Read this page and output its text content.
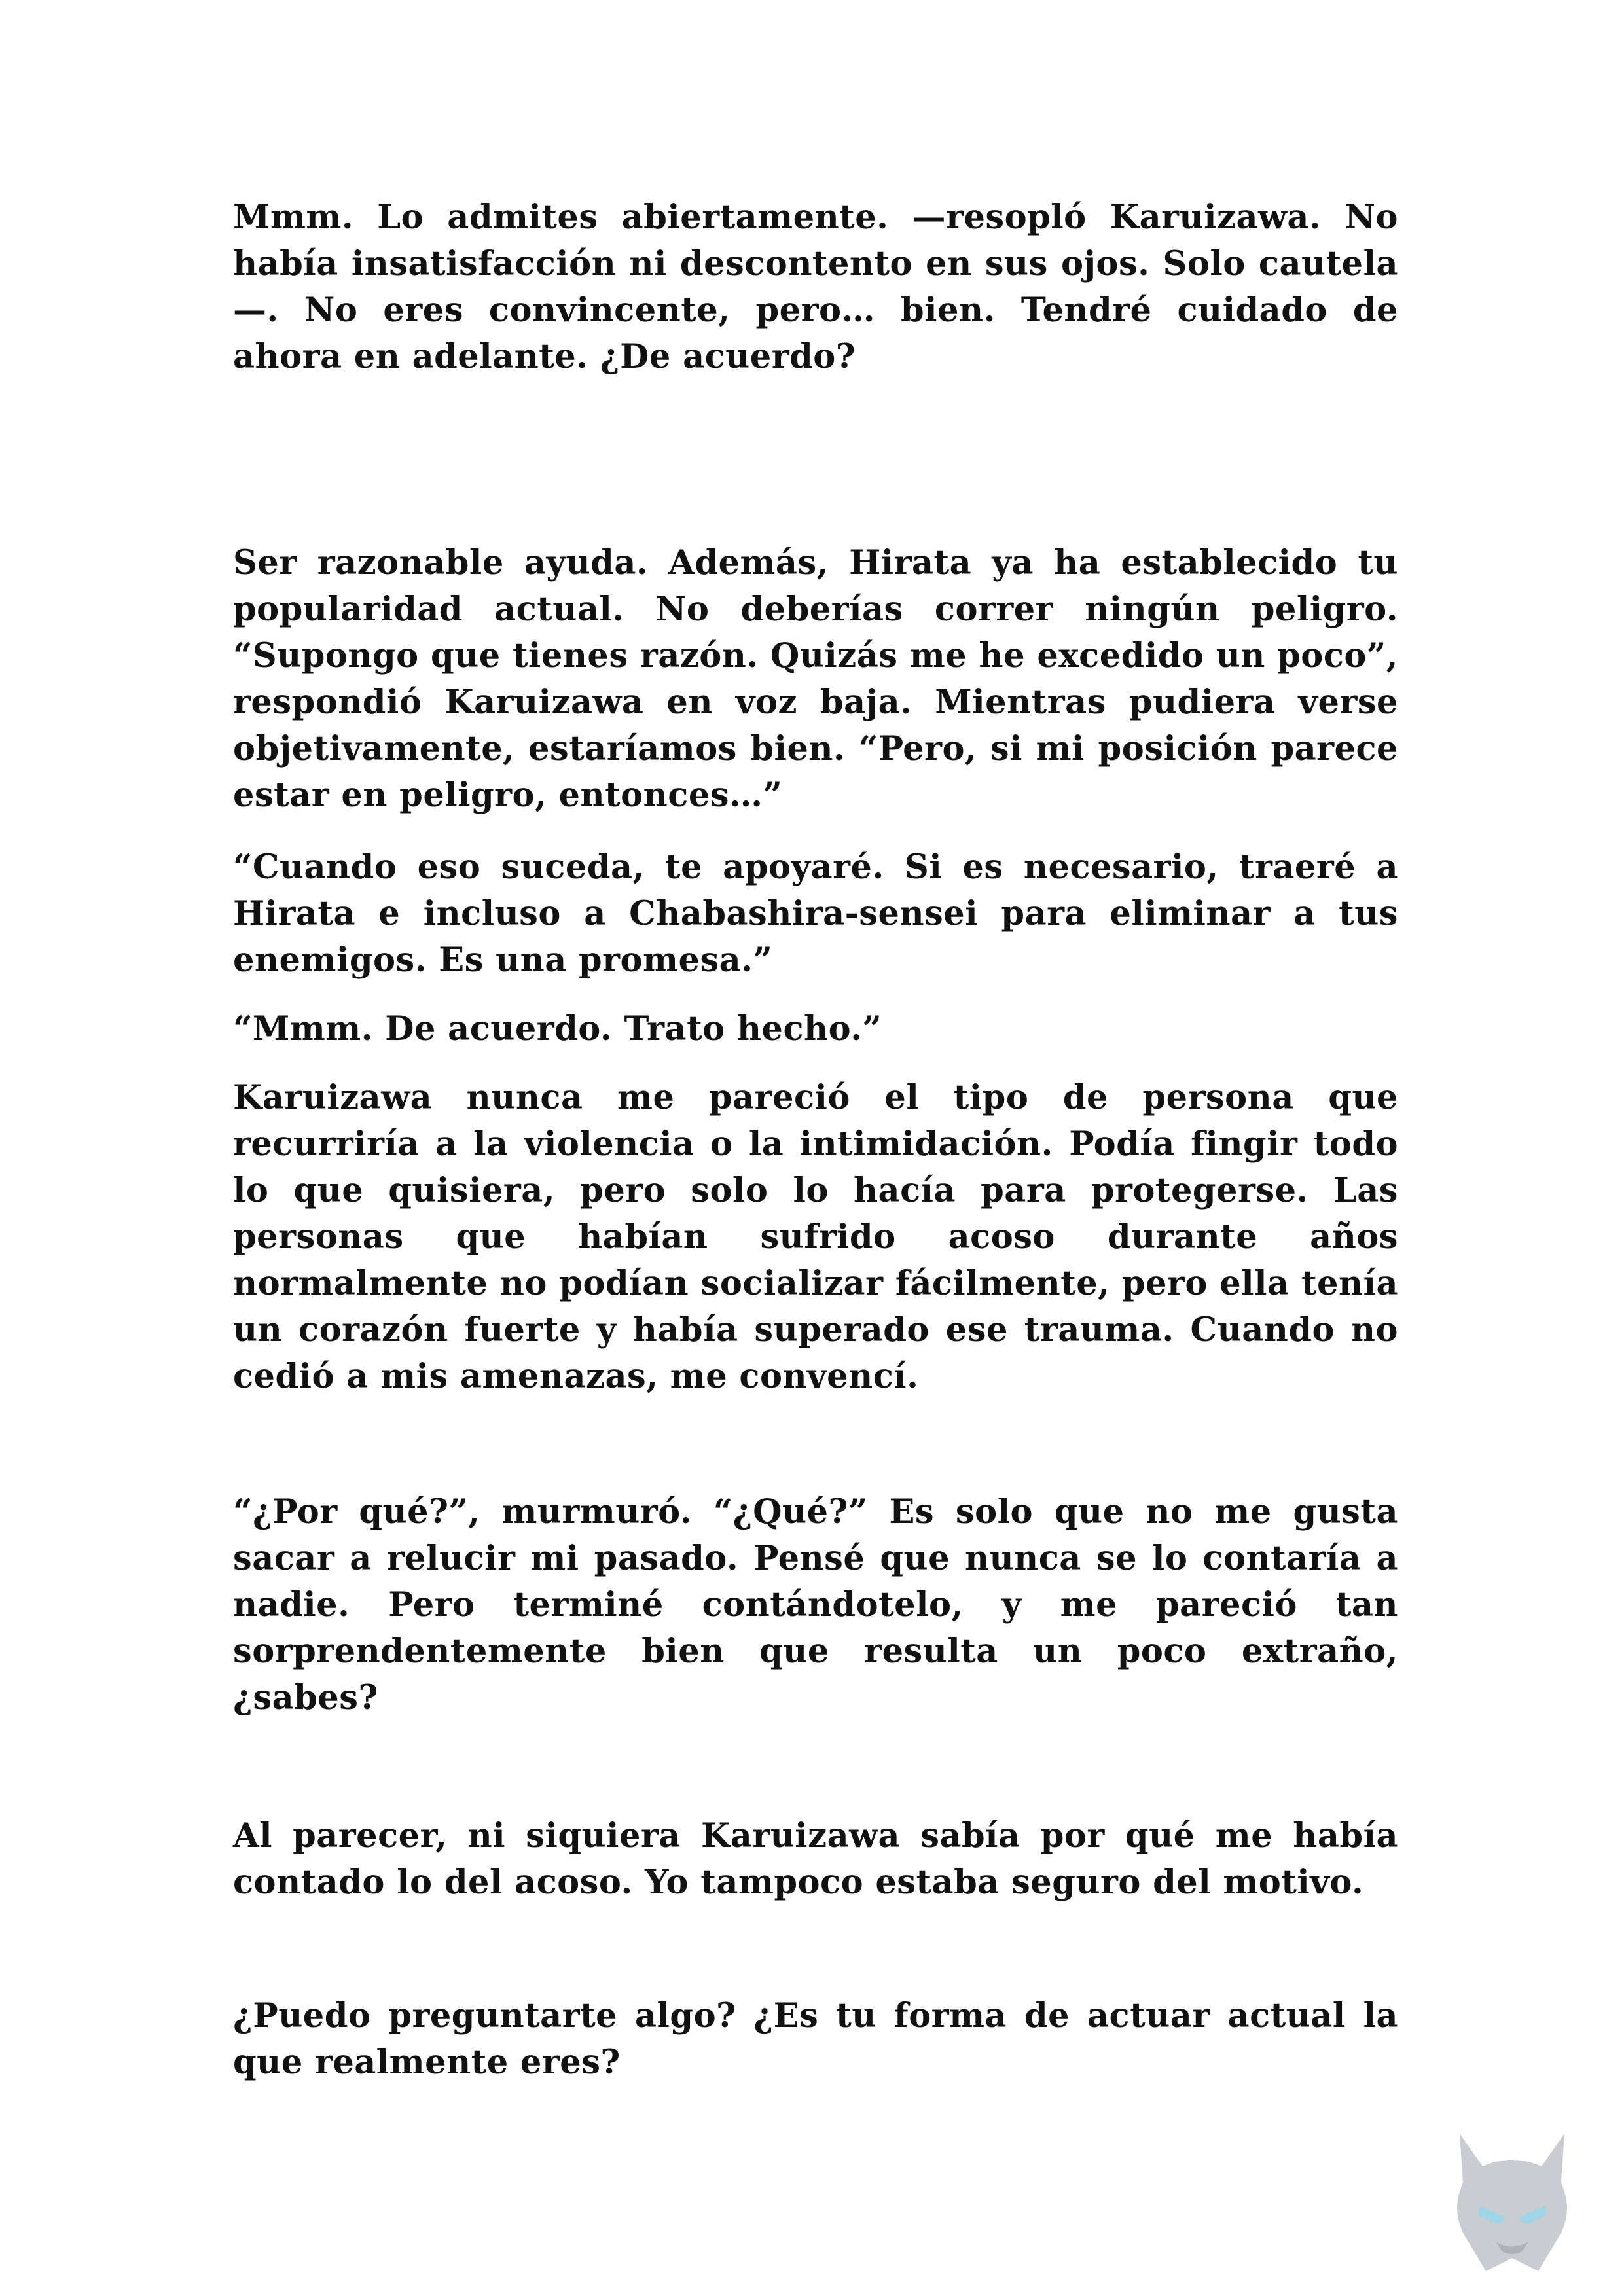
Mmm. Lo admites abiertamente. —resopló Karuizawa. No había insatisfacción ni descontento en sus ojos. Solo cautela—. No eres convincente, pero… bien. Tendré cuidado de ahora en adelante. ¿De acuerdo?

Ser razonable ayuda. Además, Hirata ya ha establecido tu popularidad actual. No deberías correr ningún peligro. “Supongo que tienes razón. Quizás me he excedido un poco”, respondió Karuizawa en voz baja. Mientras pudiera verse objetivamente, estaríamos bien. “Pero, si mi posición parece estar en peligro, entonces…”

“Cuando eso suceda, te apoyaré. Si es necesario, traeré a Hirata e incluso a Chabashira-sensei para eliminar a tus enemigos. Es una promesa.”

“Mmm. De acuerdo. Trato hecho.”

Karuizawa nunca me pareció el tipo de persona que recurriría a la violencia o la intimidación. Podía fingir todo lo que quisiera, pero solo lo hacía para protegerse. Las personas que habían sufrido acoso durante años normalmente no podían socializar fácilmente, pero ella tenía un corazón fuerte y había superado ese trauma. Cuando no cedió a mis amenazas, me convencí.

“¿Por qué?”, murmuró. “¿Qué?” Es solo que no me gusta sacar a relucir mi pasado. Pensé que nunca se lo contaría a nadie. Pero terminé contándotelo, y me pareció tan sorprendentemente bien que resulta un poco extraño, ¿sabes?

Al parecer, ni siquiera Karuizawa sabía por qué me había contado lo del acoso. Yo tampoco estaba seguro del motivo.

¿Puedo preguntarte algo? ¿Es tu forma de actuar actual la que realmente eres?
